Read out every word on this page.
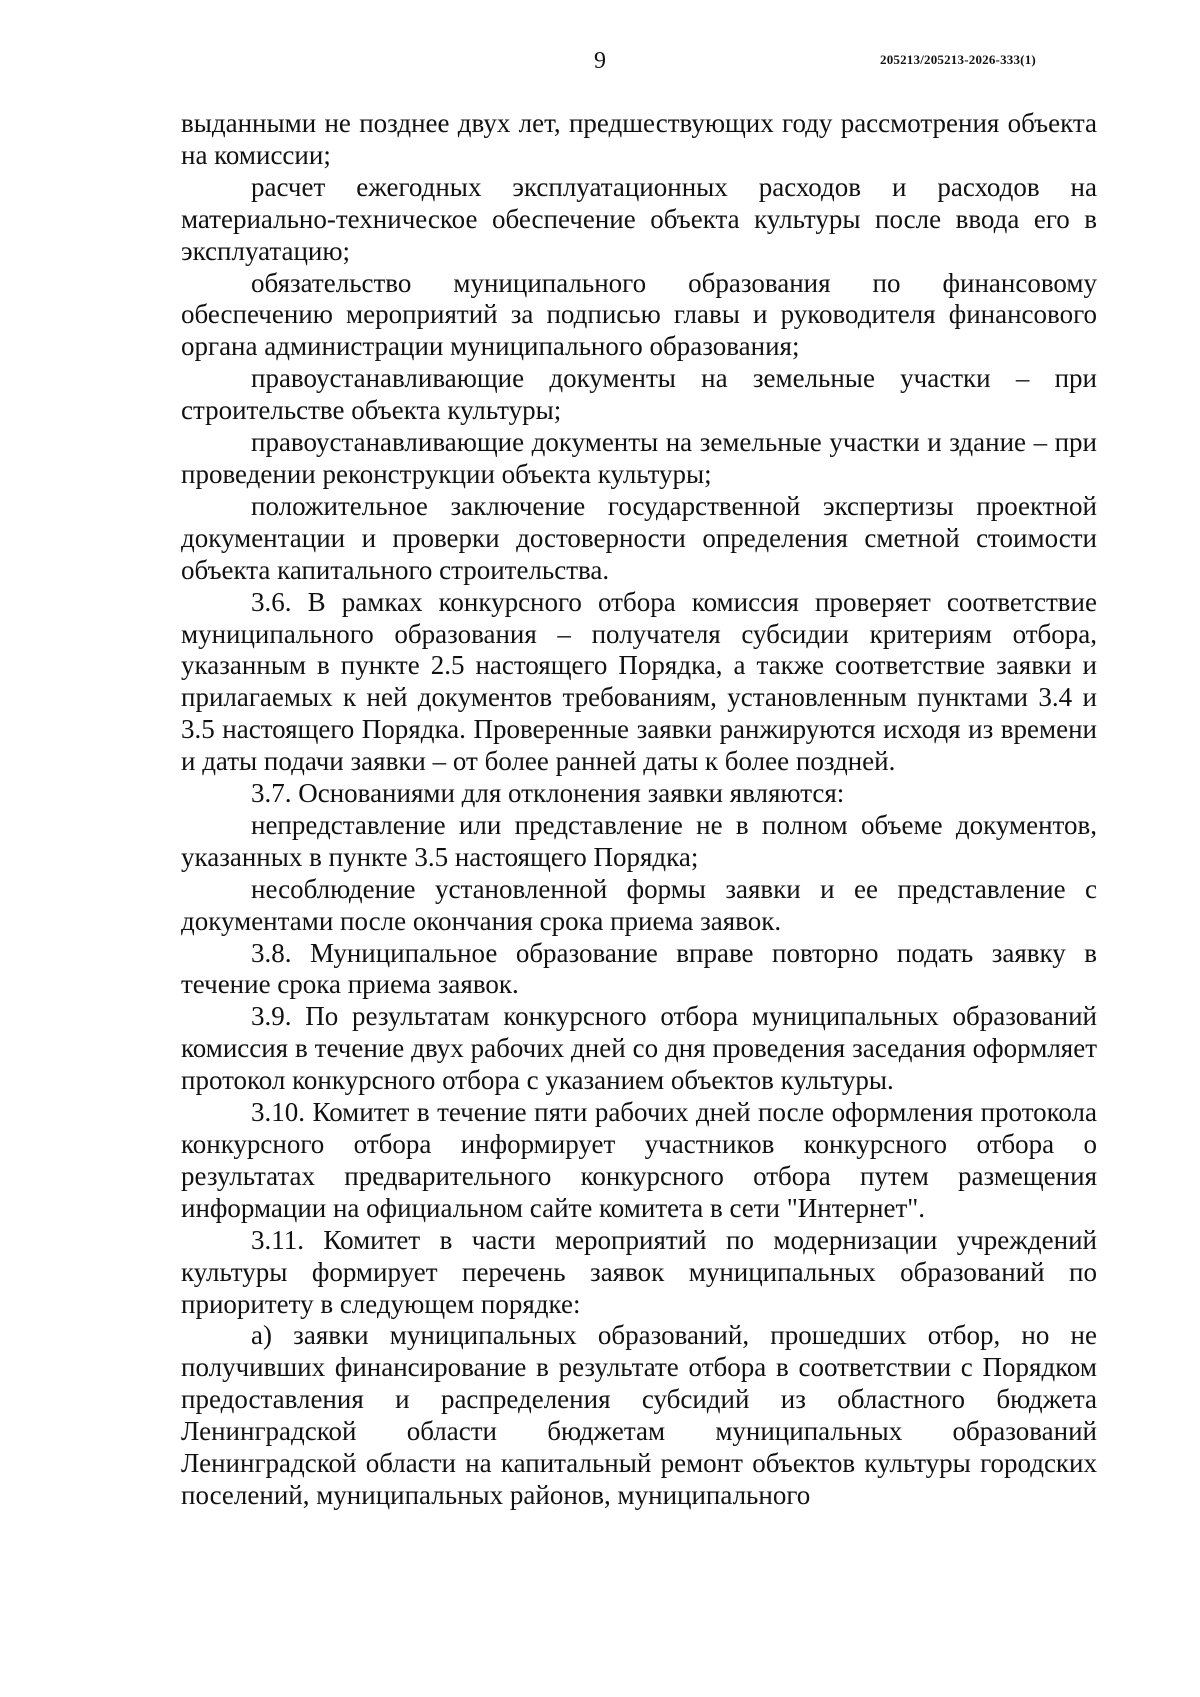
9	205213/205213-2026-333(1)

выданными не позднее двух лет, предшествующих году рассмотрения объекта на комиссии;

расчет ежегодных эксплуатационных расходов и расходов на материально-техническое обеспечение объекта культуры после ввода его в эксплуатацию;

обязательство муниципального образования по финансовому обеспечению мероприятий за подписью главы и руководителя финансового органа администрации муниципального образования;

правоустанавливающие документы на земельные участки – при строительстве объекта культуры;

правоустанавливающие документы на земельные участки и здание – при проведении реконструкции объекта культуры;

положительное заключение государственной экспертизы проектной документации и проверки достоверности определения сметной стоимости объекта капитального строительства.

3.6. В рамках конкурсного отбора комиссия проверяет соответствие муниципального образования – получателя субсидии критериям отбора, указанным в пункте 2.5 настоящего Порядка, а также соответствие заявки и прилагаемых к ней документов требованиям, установленным пунктами 3.4 и 3.5 настоящего Порядка. Проверенные заявки ранжируются исходя из времени и даты подачи заявки – от более ранней даты к более поздней.

3.7. Основаниями для отклонения заявки являются:

непредставление или представление не в полном объеме документов, указанных в пункте 3.5 настоящего Порядка;

несоблюдение установленной формы заявки и ее представление с документами после окончания срока приема заявок.

3.8. Муниципальное образование вправе повторно подать заявку в течение срока приема заявок.

3.9. По результатам конкурсного отбора муниципальных образований комиссия в течение двух рабочих дней со дня проведения заседания оформляет протокол конкурсного отбора с указанием объектов культуры.

3.10. Комитет в течение пяти рабочих дней после оформления протокола конкурсного отбора информирует участников конкурсного отбора о результатах предварительного конкурсного отбора путем размещения информации на официальном сайте комитета в сети "Интернет".

3.11. Комитет в части мероприятий по модернизации учреждений культуры формирует перечень заявок муниципальных образований по приоритету в следующем порядке:

а) заявки муниципальных образований, прошедших отбор, но не получивших финансирование в результате отбора в соответствии с Порядком предоставления и распределения субсидий из областного бюджета Ленинградской области бюджетам муниципальных образований Ленинградской области на капитальный ремонт объектов культуры городских поселений, муниципальных районов, муниципального
